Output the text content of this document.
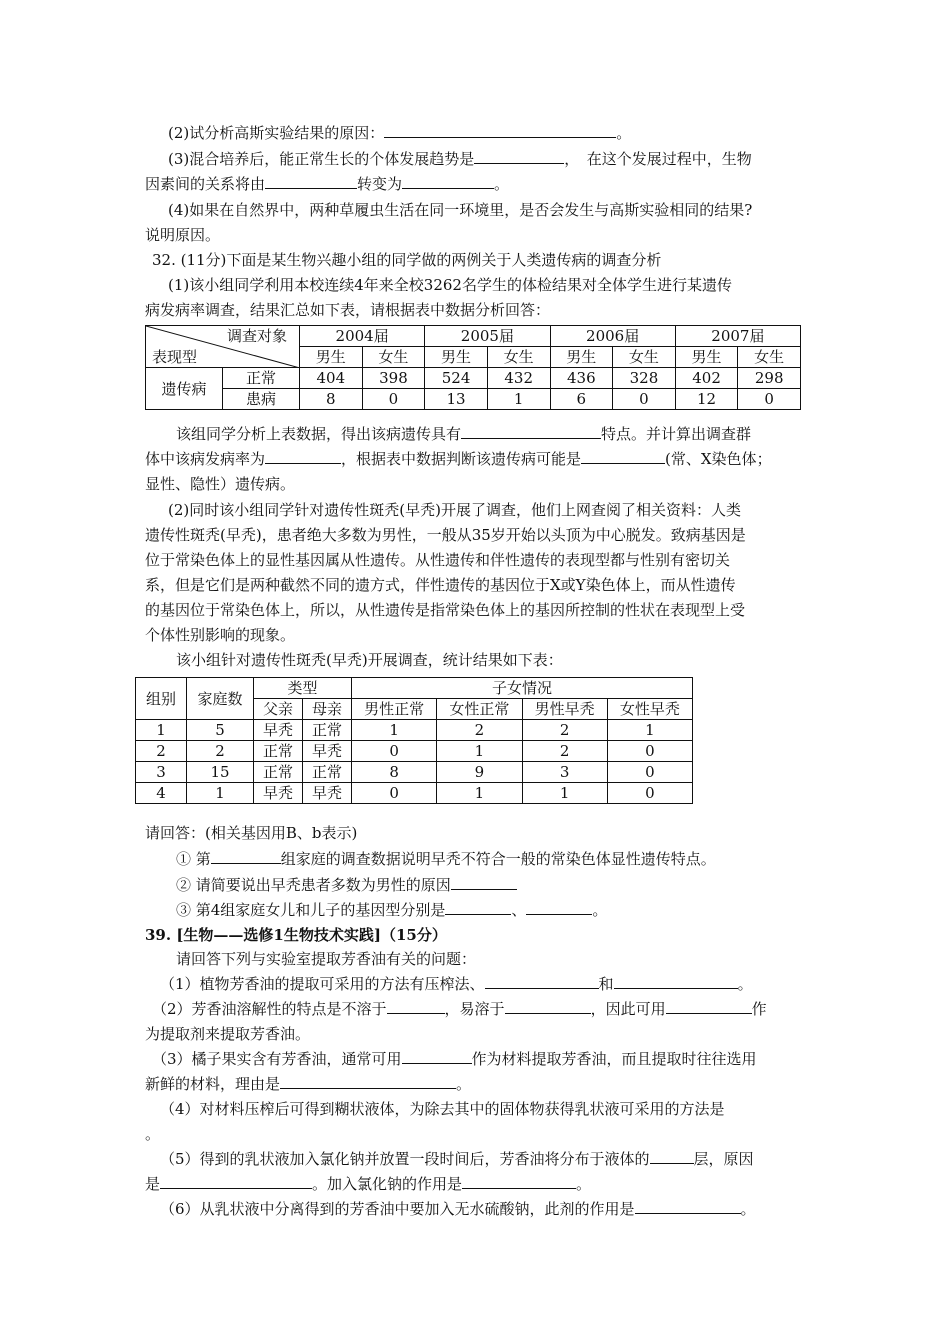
(2)试分析高斯实验结果的原因：	。
(3)混合培养后，能正常生长的个体发展趋势是	，　在这个发展过程中，生物
因素间的关系将由	转变为	。
(4)如果在自然界中，两种草履虫生活在同一环境里，是否会发生与高斯实验相同的结果?
说明原因。
32. (11分)下面是某生物兴趣小组的同学做的两例关于人类遗传病的调查分析
(1)该小组同学利用本校连续4年来全校3262名学生的体检结果对全体学生进行某遗传
病发病率调查，结果汇总如下表，请根据表中数据分析回答：
调查对象
表现型		2004届		2005届		2006届		2007届	
		男生	女生	男生	女生	男生	女生	男生	女生
遗传病	正常	404	398	524	432	436	328	402	298
	患病	8	0	13	1	6	0	12	0
该组同学分析上表数据，得出该病遗传具有	特点。并计算出调查群
体中该病发病率为	，根据表中数据判断该遗传病可能是	(常、X染色体；
显性、隐性）遗传病。
(2)同时该小组同学针对遗传性斑秃(早秃)开展了调查，他们上网查阅了相关资料：人类
遗传性斑秃(早秃)，患者绝大多数为男性，一般从35岁开始以头顶为中心脱发。致病基因是
位于常染色体上的显性基因属从性遗传。从性遗传和伴性遗传的表现型都与性别有密切关
系，但是它们是两种截然不同的遗方式，伴性遗传的基因位于X或Y染色体上，而从性遗传
的基因位于常染色体上，所以，从性遗传是指常染色体上的基因所控制的性状在表现型上受
个体性别影响的现象。
该小组针对遗传性斑秃(早秃)开展调查，统计结果如下表：
组别	家庭数	类型		子女情况			
		父亲	母亲	男性正常	女性正常	男性早秃	女性早秃
1	5	早秃	正常	1	2	2	1
2	2	正常	早秃	0	1	2	0
3	15	正常	正常	8	9	3	0
4	1	早秃	早秃	0	1	1	0
请回答：(相关基因用B、b表示)
① 第	组家庭的调查数据说明早秃不符合一般的常染色体显性遗传特点。
② 请简要说出早秃患者多数为男性的原因
③ 第4组家庭女儿和儿子的基因型分别是	、	。
39. [生物——选修1生物技术实践]（15分）
请回答下列与实验室提取芳香油有关的问题：
（1）植物芳香油的提取可采用的方法有压榨法、	和	。
（2）芳香油溶解性的特点是不溶于	，易溶于	，因此可用	作
为提取剂来提取芳香油。
（3）橘子果实含有芳香油，通常可用	作为材料提取芳香油，而且提取时往往选用
新鲜的材料，理由是	。
（4）对材料压榨后可得到糊状液体，为除去其中的固体物获得乳状液可采用的方法是
。
（5）得到的乳状液加入氯化钠并放置一段时间后，芳香油将分布于液体的	层，原因
是	。加入氯化钠的作用是	。
（6）从乳状液中分离得到的芳香油中要加入无水硫酸钠，此剂的作用是	。
